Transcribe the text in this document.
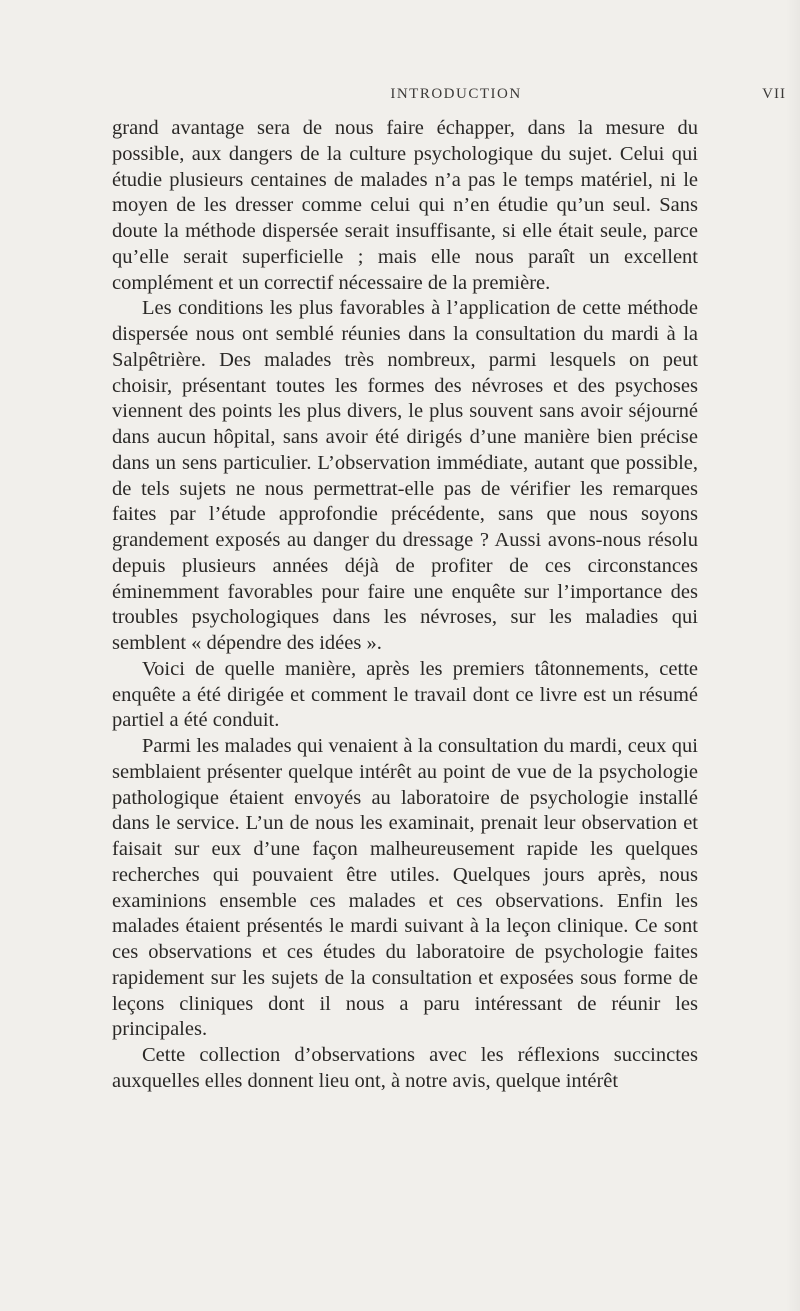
INTRODUCTION	VII

grand avantage sera de nous faire échapper, dans la mesure du possible, aux dangers de la culture psychologique du sujet. Celui qui étudie plusieurs centaines de malades n’a pas le temps matériel, ni le moyen de les dresser comme celui qui n’en étudie qu’un seul. Sans doute la méthode dispersée serait insuffisante, si elle était seule, parce qu’elle serait superficielle ; mais elle nous paraît un excellent complément et un correctif nécessaire de la première.

Les conditions les plus favorables à l’application de cette méthode dispersée nous ont semblé réunies dans la consultation du mardi à la Salpêtrière. Des malades très nombreux, parmi lesquels on peut choisir, présentant toutes les formes des névroses et des psychoses viennent des points les plus divers, le plus souvent sans avoir séjourné dans aucun hôpital, sans avoir été dirigés d’une manière bien précise dans un sens particulier. L’observation immédiate, autant que possible, de tels sujets ne nous permettrat-elle pas de vérifier les remarques faites par l’étude approfondie précédente, sans que nous soyons grandement exposés au danger du dressage ? Aussi avons-nous résolu depuis plusieurs années déjà de profiter de ces circonstances éminemment favorables pour faire une enquête sur l’importance des troubles psychologiques dans les névroses, sur les maladies qui semblent « dépendre des idées ».

Voici de quelle manière, après les premiers tâtonnements, cette enquête a été dirigée et comment le travail dont ce livre est un résumé partiel a été conduit.

Parmi les malades qui venaient à la consultation du mardi, ceux qui semblaient présenter quelque intérêt au point de vue de la psychologie pathologique étaient envoyés au laboratoire de psychologie installé dans le service. L’un de nous les examinait, prenait leur observation et faisait sur eux d’une façon malheureusement rapide les quelques recherches qui pouvaient être utiles. Quelques jours après, nous examinions ensemble ces malades et ces observations. Enfin les malades étaient présentés le mardi suivant à la leçon clinique. Ce sont ces observations et ces études du laboratoire de psychologie faites rapidement sur les sujets de la consultation et exposées sous forme de leçons cliniques dont il nous a paru intéressant de réunir les principales.

Cette collection d’observations avec les réflexions succinctes auxquelles elles donnent lieu ont, à notre avis, quelque intérêt
